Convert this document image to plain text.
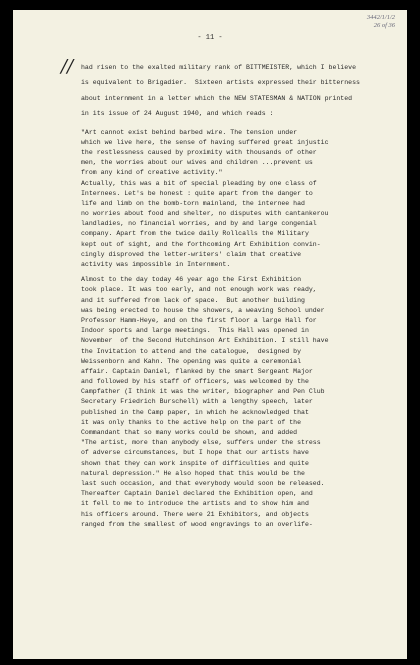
3442/1/1/2
26 of 36
- 11 -
// had risen to the exalted military rank of BITTMEISTER, which I believe
is equivalent to Brigadier.  Sixteen artists expressed their bitterness
about internment in a letter which the NEW STATESMAN & NATION printed
in its issue of 24 August 1940, and which reads :
"Art cannot exist behind barbed wire. The tension under
which we live here, the sense of having suffered great injustic
the restlessness caused by proximity with thousands of other
men, the worries about our wives and children ...prevent us
from any kind of creative activity."
Actually, this was a bit of special pleading by one class of
Internees. Let's be honest : quite apart from the danger to
life and limb on the bomb-torn mainland, the internee had
no worries about food and shelter, no disputes with cantankerou
landladies, no financial worries, and by and large congenial
company. Apart from the twice daily Rollcalls the Military
kept out of sight, and the forthcoming Art Exhibition convin-
cingly disproved the letter-writers' claim that creative
activity was impossible in Internment.
Almost to the day today 46 year ago the First Exhibition
took place. It was too early, and not enough work was ready,
and it suffered from lack of space.  But another building
was being erected to house the showers, a weaving School under
Professor Hamm-Heye, and on the first floor a large Hall for
Indoor sports and large meetings.  This Hall was opened in
November  of the Second Hutchinson Art Exhibition. I still have
the Invitation to attend and the catalogue,  designed by
Weissenborn and Kahn. The opening was quite a ceremonial
affair. Captain Daniel, flanked by the smart Sergeant Major
and followed by his staff of officers, was welcomed by the
Campfather (I think it was the writer, biographer and Pen Club
Secretary Friedrich Burschell) with a lengthy speech, later
published in the Camp paper, in which he acknowledged that
it was only thanks to the active help on the part of the
Commandant that so many works could be shown, and added
"The artist, more than anybody else, suffers under the stress
of adverse circumstances, but I hope that our artists have
shown that they can work inspite of difficulties and quite
natural depression." He also hoped that this would be the
last such occasion, and that everybody would soon be released.
Thereafter Captain Daniel declared the Exhibition open, and
it fell to me to introduce the artists and to show him and
his officers around. There were 21 Exhibitors, and objects
ranged from the smallest of wood engravings to an overlife-
